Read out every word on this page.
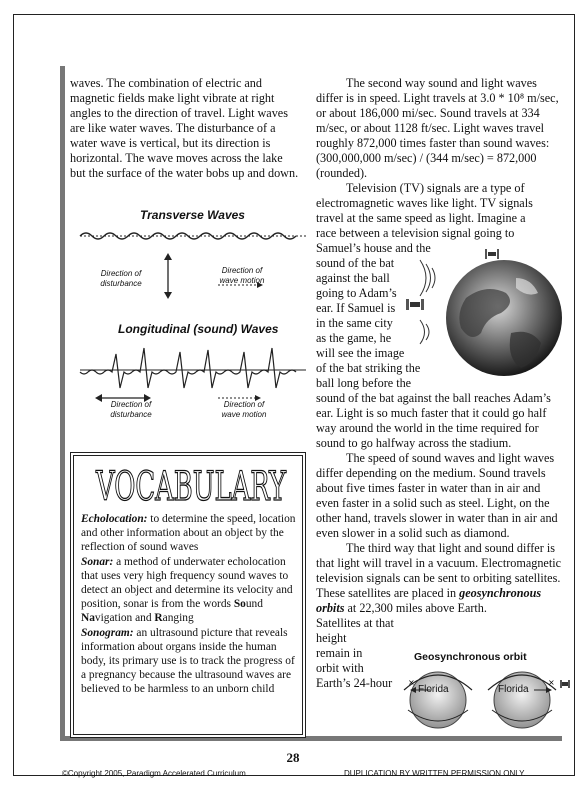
waves. The combination of electric and magnetic fields make light vibrate at right angles to the direction of travel. Light waves are like water waves. The disturbance of a water wave is vertical, but its direction is horizontal. The wave moves across the lake but the surface of the water bobs up and down.

Transverse Waves
Direction of disturbance
Direction of wave motion
Longitudinal (sound) Waves
Direction of disturbance
Direction of wave motion
VOCABULARY

Echolocation: to determine the speed, location and other information about an object by the reflection of sound waves

Sonar: a method of underwater echolocation that uses very high frequency sound waves to detect an object and determine its velocity and position, sonar is from the words Sound Navigation and Ranging

Sonogram: an ultrasound picture that reveals information about organs inside the human body, its primary use is to track the progress of a pregnancy because the ultrasound waves are believed to be harmless to an unborn child

The second way sound and light waves differ is in speed. Light travels at 3.0 * 10⁸ m/sec, or about 186,000 mi/sec. Sound travels at 334 m/sec, or about 1128 ft/sec. Light waves travel roughly 872,000 times faster than sound waves: (300,000,000 m/sec) / (344 m/sec) = 872,000 (rounded).

Television (TV) signals are a type of

electromagnetic waves like light. TV signals

travel at the same speed as light. Imagine a

race between a television signal going to

Samuel’s house and the

sound of the bat

against the ball

going to Adam’s

ear. If Samuel is

in the same city

as the game, he

will see the image

of the bat striking the

ball long before the

sound of the bat against the ball reaches Adam’s ear. Light is so much faster that it could go half way around the world in the time required for sound to go halfway across the stadium.

The speed of sound waves and light waves differ depending on the medium. Sound travels about five times faster in water than in air and even faster in a solid such as steel. Light, on the other hand, travels slower in water than in air and even slower in a solid such as diamond.

The third way that light and sound differ is that light will travel in a vacuum. Electromagnetic television signals can be sent to orbiting satellites. These satellites are placed in geosynchronous orbits at 22,300 miles above Earth.

Satellites at that

height

remain in

orbit with

Earth’s 24-hour

Geosynchronous orbit
×	×
Florida	Florida
28
©Copyright 2005, Paradigm Accelerated Curriculum	DUPLICATION BY WRITTEN PERMISSION ONLY.
